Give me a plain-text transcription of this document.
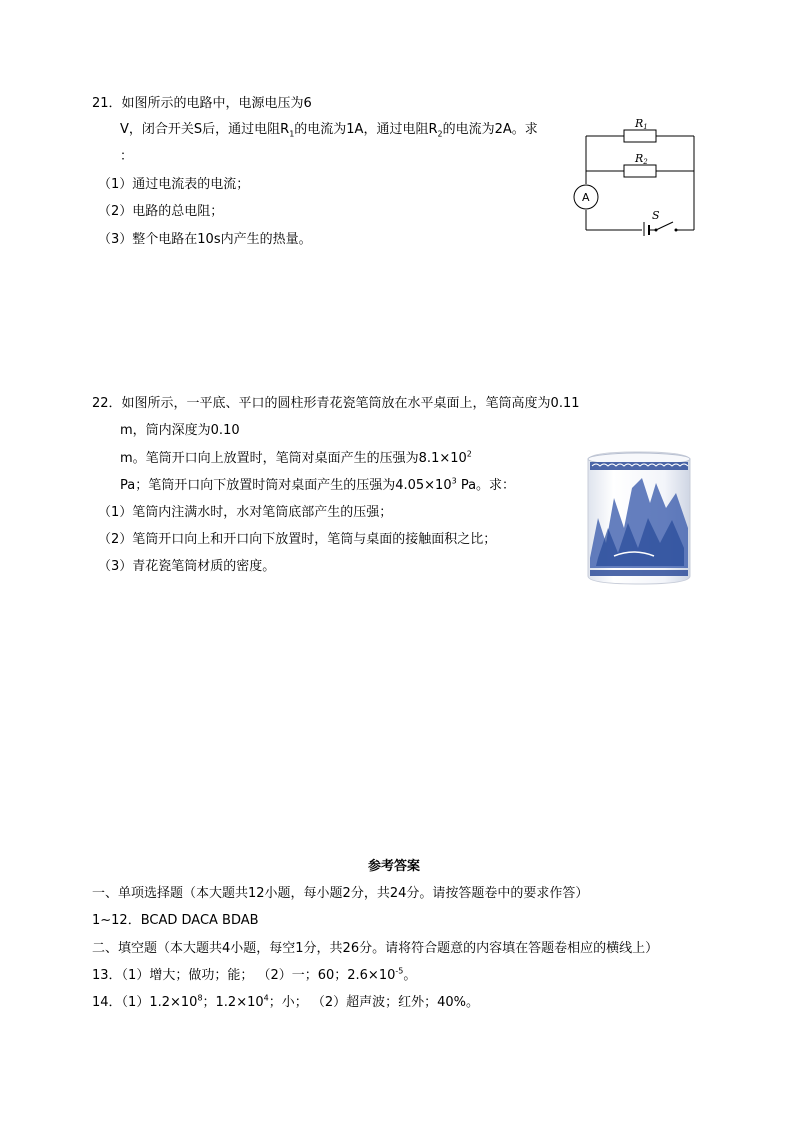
21．如图所示的电路中，电源电压为6
V，闭合开关S后，通过电阻$R_1$的电流为1A，通过电阻$R_2$的电流为2A。求
：
（1）通过电流表的电流；
（2）电路的总电阻；
（3）整个电路在10s内产生的热量。
R1
R2
A
S
22．如图所示，一平底、平口的圆柱形青花瓷笔筒放在水平桌面上，笔筒高度为0.11
m，筒内深度为0.10
m。笔筒开口向上放置时，笔筒对桌面产生的压强为$8.1\times 10^2$
Pa；笔筒开口向下放置时筒对桌面产生的压强为$4.05\times 10^3$ Pa。求：
（1）笔筒内注满水时，水对笔筒底部产生的压强；
（2）笔筒开口向上和开口向下放置时，笔筒与桌面的接触面积之比；
（3）青花瓷笔筒材质的密度。
参考答案
一、单项选择题（本大题共12小题，每小题2分，共24分。请按答题卷中的要求作答）
1~12．BCAD DACA BDAB
二、填空题（本大题共4小题，每空1分，共26分。请将符合题意的内容填在答题卷相应的横线上）
13．（1）增大；做功；能； （2）一；60；$2.6\times 10^{-5}$。
14．$(1)1.2\times 10^8$；$1.2\times 10^4$；小； （2）超声波；红外；40%。
